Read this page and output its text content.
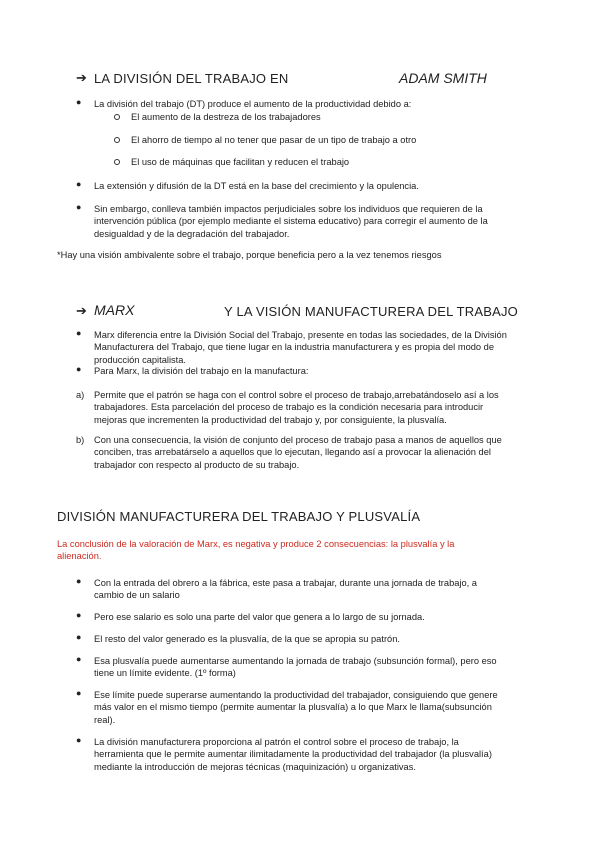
➔ LA DIVISIÓN DEL TRABAJO EN	ADAM SMITH
● La división del trabajo (DT) produce el aumento de la productividad debido a:
El aumento de la destreza de los trabajadores
El ahorro de tiempo al no tener que pasar de un tipo de trabajo a otro
El uso de máquinas que facilitan y reducen el trabajo
● La extensión y difusión de la DT está en la base del crecimiento y la opulencia.
● Sin embargo, conlleva también impactos perjudiciales sobre los individuos que requieren de la
intervención pública (por ejemplo mediante el sistema educativo) para corregir el aumento de la
desigualdad y de la degradación del trabajador.
*Hay una visión ambivalente sobre el trabajo, porque beneficia pero a la vez tenemos riesgos
➔ MARX	Y LA VISIÓN MANUFACTURERA DEL TRABAJO
● Marx diferencia entre la División Social del Trabajo, presente en todas las sociedades, de la División
Manufacturera del Trabajo, que tiene lugar en la industria manufacturera y es propia del modo de
producción capitalista.
● Para Marx, la división del trabajo en la manufactura:
a) Permite que el patrón se haga con el control sobre el proceso de trabajo,arrebatándoselo así a los
trabajadores. Esta parcelación del proceso de trabajo es la condición necesaria para introducir
mejoras que incrementen la productividad del trabajo y, por consiguiente, la plusvalía.
b) Con una consecuencia, la visión de conjunto del proceso de trabajo pasa a manos de aquellos que
conciben, tras arrebatárselo a aquellos que lo ejecutan, llegando así a provocar la alienación del
trabajador con respecto al producto de su trabajo.
DIVISIÓN MANUFACTURERA DEL TRABAJO Y PLUSVALÍA
La conclusión de la valoración de Marx, es negativa y produce 2 consecuencias: la plusvalía y la
alienación.
● Con la entrada del obrero a la fábrica, este pasa a trabajar, durante una jornada de trabajo, a
cambio de un salario
● Pero ese salario es solo una parte del valor que genera a lo largo de su jornada.
● El resto del valor generado es la plusvalía, de la que se apropia su patrón.
● Esa plusvalía puede aumentarse aumentando la jornada de trabajo (subsunción formal), pero eso
tiene un límite evidente. (1º forma)
● Ese límite puede superarse aumentando la productividad del trabajador, consiguiendo que genere
más valor en el mismo tiempo (permite aumentar la plusvalía) a lo que Marx le llama(subsunción
real).
● La división manufacturera proporciona al patrón el control sobre el proceso de trabajo, la
herramienta que le permite aumentar ilimitadamente la productividad del trabajador (la plusvalía)
mediante la introducción de mejoras técnicas (maquinización) u organizativas.
